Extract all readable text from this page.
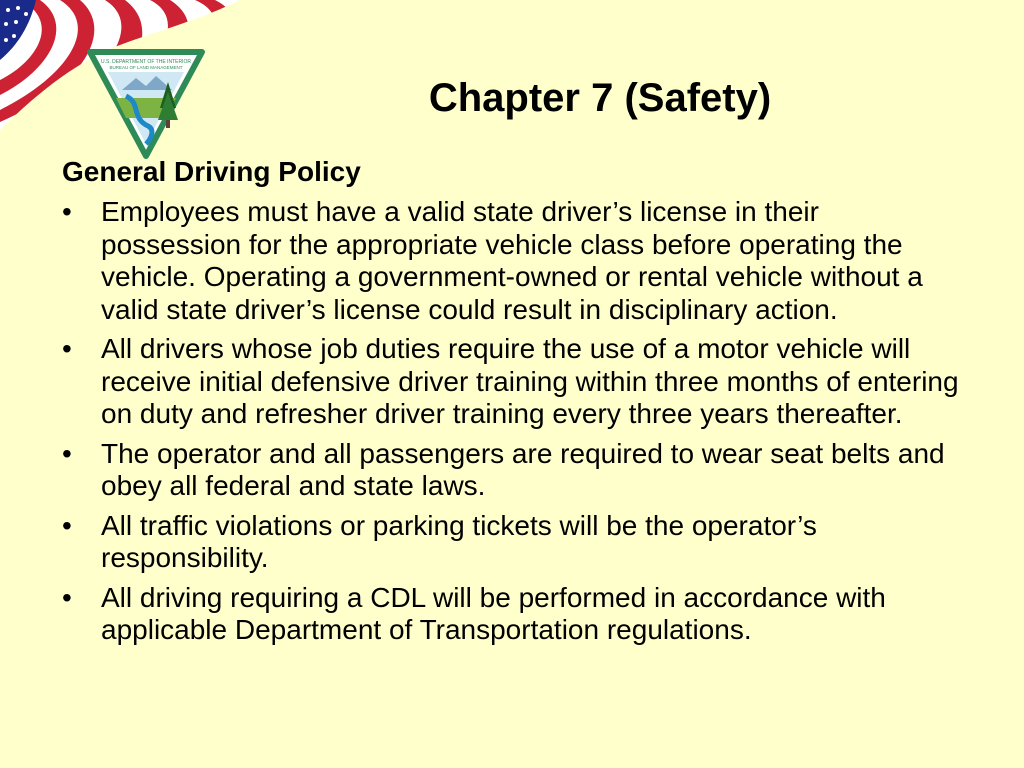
U.S. DEPARTMENT OF THE INTERIOR
BUREAU OF LAND MANAGEMENT
Chapter 7 (Safety)
General Driving Policy
•	Employees must have a valid state driver’s license in their possession for the appropriate vehicle class before operating the vehicle. Operating a government-owned or rental vehicle without a valid state driver’s license could result in disciplinary action.
•	All drivers whose job duties require the use of a motor vehicle will receive initial defensive driver training within three months of entering on duty and refresher driver training every three years thereafter.
•	The operator and all passengers are required to wear seat belts and obey all federal and state laws.
•	All traffic violations or parking tickets will be the operator’s responsibility.
•	All driving requiring a CDL will be performed in accordance with applicable Department of Transportation regulations.
